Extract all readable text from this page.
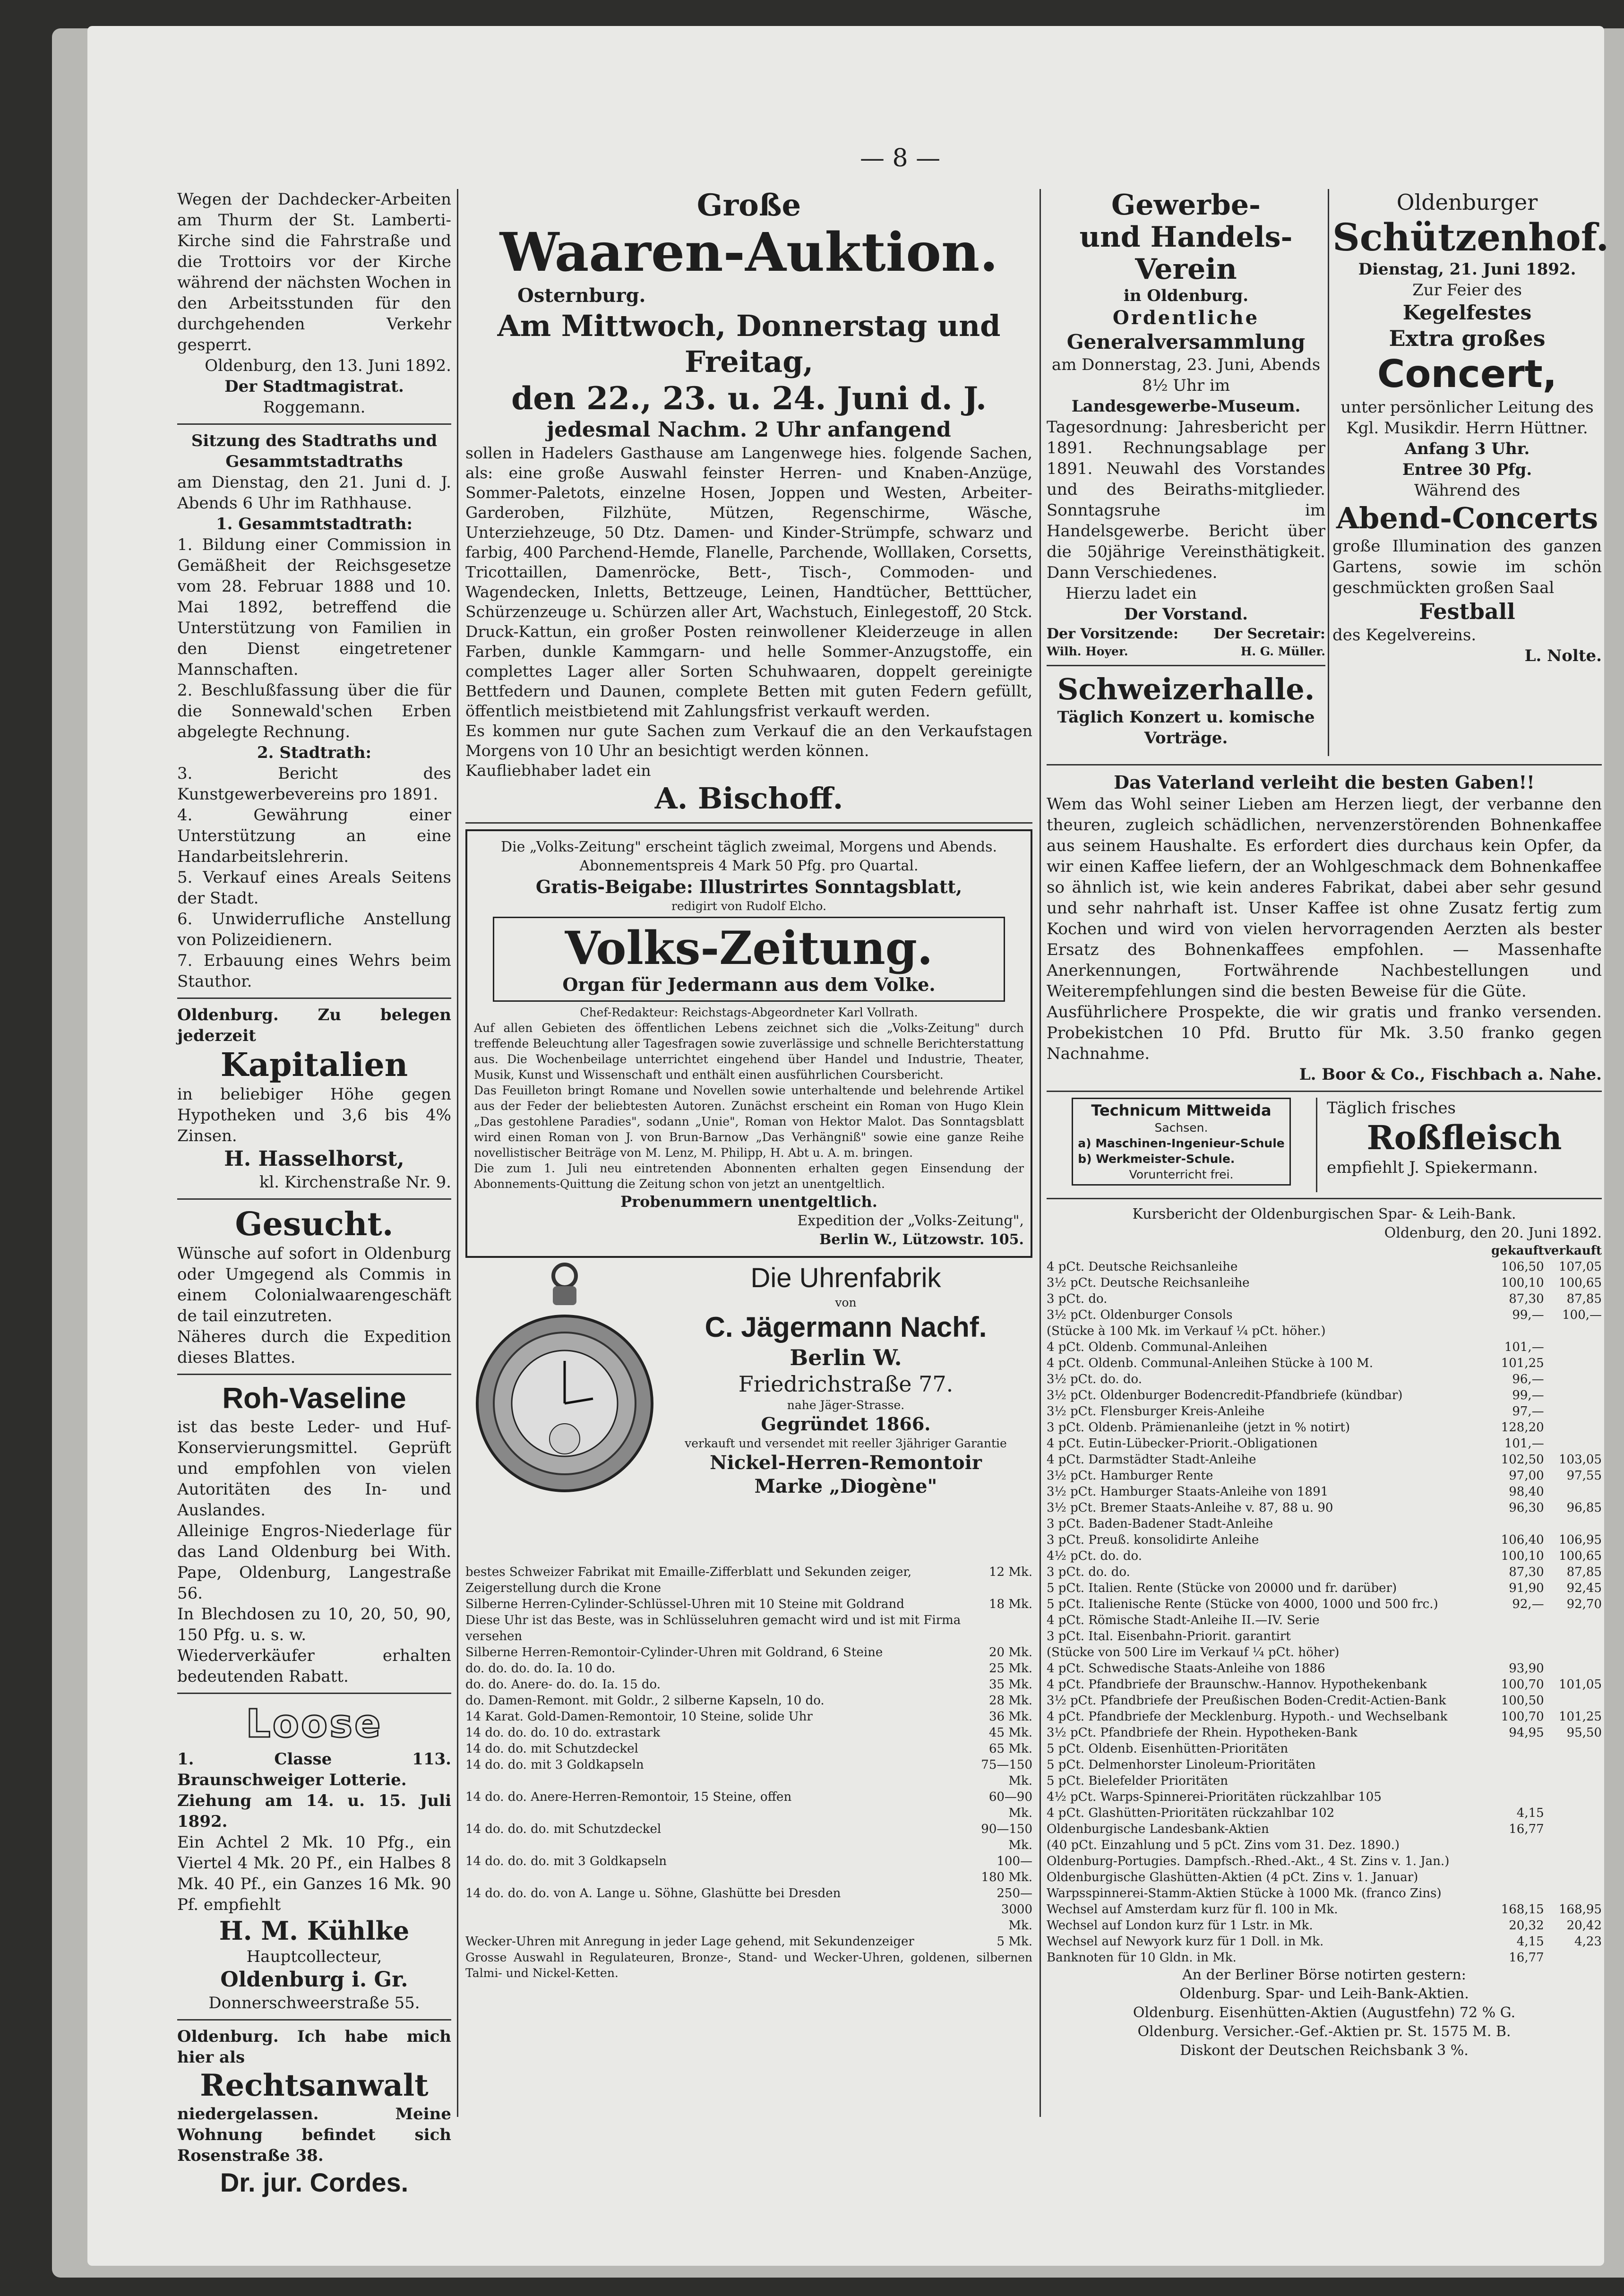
— 8 —

Wegen der Dachdecker-Arbeiten am Thurm der St. Lamberti-Kirche sind die Fahrstraße und die Trottoirs vor der Kirche während der nächsten Wochen in den Arbeitsstunden für den durchgehenden Verkehr gesperrt.

Oldenburg, den 13. Juni 1892.

Der Stadtmagistrat.

Roggemann.

Sitzung des Stadtraths und Gesammtstadtraths

am Dienstag, den 21. Juni d. J. Abends 6 Uhr im Rathhause.

1. Gesammtstadtrath:

1. Bildung einer Commission in Gemäßheit der Reichsgesetze vom 28. Februar 1888 und 10. Mai 1892, betreffend die Unterstützung von Familien in den Dienst eingetretener Mannschaften.

2. Beschlußfassung über die für die Sonnewald'schen Erben abgelegte Rechnung.

2. Stadtrath:

3. Bericht des Kunstgewerbevereins pro 1891.

4. Gewährung einer Unterstützung an eine Handarbeitslehrerin.

5. Verkauf eines Areals Seitens der Stadt.

6. Unwiderrufliche Anstellung von Polizeidienern.

7. Erbauung eines Wehrs beim Stauthor.

Oldenburg. Zu belegen jederzeit

Kapitalien

in beliebiger Höhe gegen Hypotheken und 3,6 bis 4% Zinsen.

H. Hasselhorst,

kl. Kirchenstraße Nr. 9.

Gesucht.

Wünsche auf sofort in Oldenburg oder Umgegend als Commis in einem Colonialwaarengeschäft de tail einzutreten.

Näheres durch die Expedition dieses Blattes.

Roh-Vaseline

ist das beste Leder- und Huf-Konservierungsmittel. Geprüft und empfohlen von vielen Autoritäten des In- und Auslandes.

Alleinige Engros-Niederlage für das Land Oldenburg bei With. Pape, Oldenburg, Langestraße 56.

In Blechdosen zu 10, 20, 50, 90, 150 Pfg. u. s. w.

Wiederverkäufer erhalten bedeutenden Rabatt.

Loose

1. Classe 113. Braunschweiger Lotterie.

Ziehung am 14. u. 15. Juli 1892.

Ein Achtel 2 Mk. 10 Pfg., ein Viertel 4 Mk. 20 Pf., ein Halbes 8 Mk. 40 Pf., ein Ganzes 16 Mk. 90 Pf. empfiehlt

H. M. Kühlke

Hauptcollecteur,

Oldenburg i. Gr.

Donnerschweerstraße 55.

Oldenburg. Ich habe mich hier als

Rechtsanwalt

niedergelassen. Meine Wohnung befindet sich Rosenstraße 38.

Dr. jur. Cordes.

Große

Waaren-Auktion.

Osternburg.

Am Mittwoch, Donnerstag und Freitag,

den 22., 23. u. 24. Juni d. J.

jedesmal Nachm. 2 Uhr anfangend

sollen in Hadelers Gasthause am Langenwege hies. folgende Sachen, als: eine große Auswahl feinster Herren- und Knaben-Anzüge, Sommer-Paletots, einzelne Hosen, Joppen und Westen, Arbeiter-Garderoben, Filzhüte, Mützen, Regenschirme, Wäsche, Unterziehzeuge, 50 Dtz. Damen- und Kinder-Strümpfe, schwarz und farbig, 400 Parchend-Hemde, Flanelle, Parchende, Wolllaken, Corsetts, Tricottaillen, Damenröcke, Bett-, Tisch-, Commoden- und Wagendecken, Inletts, Bettzeuge, Leinen, Handtücher, Betttücher, Schürzenzeuge u. Schürzen aller Art, Wachstuch, Einlegestoff, 20 Stck. Druck-Kattun, ein großer Posten reinwollener Kleiderzeuge in allen Farben, dunkle Kammgarn- und helle Sommer-Anzugstoffe, ein complettes Lager aller Sorten Schuhwaaren, doppelt gereinigte Bettfedern und Daunen, complete Betten mit guten Federn gefüllt, öffentlich meistbietend mit Zahlungsfrist verkauft werden.

Es kommen nur gute Sachen zum Verkauf die an den Verkaufstagen Morgens von 10 Uhr an besichtigt werden können.

Kaufliebhaber ladet ein

A. Bischoff.

Die „Volks-Zeitung" erscheint täglich zweimal, Morgens und Abends.

Abonnementspreis 4 Mark 50 Pfg. pro Quartal.

Gratis-Beigabe: Illustrirtes Sonntagsblatt,

redigirt von Rudolf Elcho.

Volks-Zeitung.

Organ für Jedermann aus dem Volke.

Chef-Redakteur: Reichstags-Abgeordneter Karl Vollrath.

Auf allen Gebieten des öffentlichen Lebens zeichnet sich die „Volks-Zeitung" durch treffende Beleuchtung aller Tagesfragen sowie zuverlässige und schnelle Berichterstattung aus. Die Wochenbeilage unterrichtet eingehend über Handel und Industrie, Theater, Musik, Kunst und Wissenschaft und enthält einen ausführlichen Coursbericht.

Das Feuilleton bringt Romane und Novellen sowie unterhaltende und belehrende Artikel aus der Feder der beliebtesten Autoren. Zunächst erscheint ein Roman von Hugo Klein „Das gestohlene Paradies", sodann „Unie", Roman von Hektor Malot. Das Sonntagsblatt wird einen Roman von J. von Brun-Barnow „Das Verhängniß" sowie eine ganze Reihe novellistischer Beiträge von M. Lenz, M. Philipp, H. Abt u. A. m. bringen.

Die zum 1. Juli neu eintretenden Abonnenten erhalten gegen Einsendung der Abonnements-Quittung die Zeitung schon von jetzt an unentgeltlich.

Probenummern unentgeltlich.

Expedition der „Volks-Zeitung",

Berlin W., Lützowstr. 105.

Die Uhrenfabrik

von

C. Jägermann Nachf.

Berlin W.

Friedrichstraße 77.

nahe Jäger-Strasse.

Gegründet 1866.

verkauft und versendet mit reeller 3jähriger Garantie

Nickel-Herren-Remontoir

Marke „Diogène"

bestes Schweizer Fabrikat mit Emaille-Zifferblatt und Sekunden zeiger, Zeigerstellung durch die Krone	12 Mk.
Silberne Herren-Cylinder-Schlüssel-Uhren mit 10 Steine mit Goldrand	18 Mk.
Diese Uhr ist das Beste, was in Schlüsseluhren gemacht wird und ist mit Firma versehen	
Silberne Herren-Remontoir-Cylinder-Uhren mit Goldrand, 6 Steine	20 Mk.
do. do. do. do. Ia. 10 do.	25 Mk.
do. do. Anere- do. do. Ia. 15 do.	35 Mk.
do. Damen-Remont. mit Goldr., 2 silberne Kapseln, 10 do.	28 Mk.
14 Karat. Gold-Damen-Remontoir, 10 Steine, solide Uhr	36 Mk.
14 do. do. do. 10 do. extrastark	45 Mk.
14 do. do. mit Schutzdeckel	65 Mk.
14 do. do. mit 3 Goldkapseln	75—150 Mk.
14 do. do. Anere-Herren-Remontoir, 15 Steine, offen	60—90 Mk.
14 do. do. do. mit Schutzdeckel	90—150 Mk.
14 do. do. do. mit 3 Goldkapseln	100—180 Mk.
14 do. do. do. von A. Lange u. Söhne, Glashütte bei Dresden	250—3000 Mk.
Wecker-Uhren mit Anregung in jeder Lage gehend, mit Sekundenzeiger	5 Mk.

Grosse Auswahl in Regulateuren, Bronze-, Stand- und Wecker-Uhren, goldenen, silbernen Talmi- und Nickel-Ketten.

Gewerbe-

und Handels-Verein

in Oldenburg.

Ordentliche

Generalversammlung

am Donnerstag, 23. Juni, Abends 8½ Uhr im

Landesgewerbe-Museum.

Tagesordnung: Jahresbericht per 1891. Rechnungsablage per 1891. Neuwahl des Vorstandes und des Beiraths-mitglieder. Sonntagsruhe im Handelsgewerbe. Bericht über die 50jährige Vereinsthätigkeit. Dann Verschiedenes.

Hierzu ladet ein

Der Vorstand.

Der Vorsitzende: Der Secretair:
Wilh. Hoyer.	H. G. Müller.

Schweizerhalle.

Täglich Konzert u. komische Vorträge.

Oldenburger

Schützenhof.

Dienstag, 21. Juni 1892.

Zur Feier des

Kegelfestes

Extra großes

Concert,

unter persönlicher Leitung des Kgl. Musikdir. Herrn Hüttner.

Anfang 3 Uhr.

Entree 30 Pfg.

Während des

Abend-Concerts

große Illumination des ganzen Gartens, sowie im schön geschmückten großen Saal

Festball

des Kegelvereins.

L. Nolte.

Das Vaterland verleiht die besten Gaben!!

Wem das Wohl seiner Lieben am Herzen liegt, der verbanne den theuren, zugleich schädlichen, nervenzerstörenden Bohnenkaffee aus seinem Haushalte. Es erfordert dies durchaus kein Opfer, da wir einen Kaffee liefern, der an Wohlgeschmack dem Bohnenkaffee so ähnlich ist, wie kein anderes Fabrikat, dabei aber sehr gesund und sehr nahrhaft ist. Unser Kaffee ist ohne Zusatz fertig zum Kochen und wird von vielen hervorragenden Aerzten als bester Ersatz des Bohnenkaffees empfohlen. — Massenhafte Anerkennungen, Fortwährende Nachbestellungen und Weiterempfehlungen sind die besten Beweise für die Güte.

Ausführlichere Prospekte, die wir gratis und franko versenden. Probekistchen 10 Pfd. Brutto für Mk. 3.50 franko gegen Nachnahme.

L. Boor & Co., Fischbach a. Nahe.

Technicum Mittweida

Sachsen.

a) Maschinen-Ingenieur-Schule

b) Werkmeister-Schule.

Vorunterricht frei.

Täglich frisches

Roßfleisch

empfiehlt J. Spiekermann.

Kursbericht der Oldenburgischen Spar- & Leih-Bank.

Oldenburg, den 20. Juni 1892.

	gekauft	verkauft
4 pCt. Deutsche Reichsanleihe	106,50	107,05
3½ pCt. Deutsche Reichsanleihe	100,10	100,65
3 pCt. do.	87,30	87,85
3½ pCt. Oldenburger Consols	99,—	100,—
(Stücke à 100 Mk. im Verkauf ¼ pCt. höher.)		
4 pCt. Oldenb. Communal-Anleihen	101,—	
4 pCt. Oldenb. Communal-Anleihen Stücke à 100 M.	101,25	
3½ pCt. do. do.	96,—	
3½ pCt. Oldenburger Bodencredit-Pfandbriefe (kündbar)	99,—	
3½ pCt. Flensburger Kreis-Anleihe	97,—	
3 pCt. Oldenb. Prämienanleihe (jetzt in % notirt)	128,20	
4 pCt. Eutin-Lübecker-Priorit.-Obligationen	101,—	
4 pCt. Darmstädter Stadt-Anleihe	102,50	103,05
3½ pCt. Hamburger Rente	97,00	97,55
3½ pCt. Hamburger Staats-Anleihe von 1891	98,40	
3½ pCt. Bremer Staats-Anleihe v. 87, 88 u. 90	96,30	96,85
3 pCt. Baden-Badener Stadt-Anleihe		
3 pCt. Preuß. konsolidirte Anleihe	106,40	106,95
4½ pCt. do. do.	100,10	100,65
3 pCt. do. do.	87,30	87,85
5 pCt. Italien. Rente (Stücke von 20000 und fr. darüber)	91,90	92,45
5 pCt. Italienische Rente (Stücke von 4000, 1000 und 500 frc.)	92,—	92,70
4 pCt. Römische Stadt-Anleihe II.—IV. Serie		
3 pCt. Ital. Eisenbahn-Priorit. garantirt		
(Stücke von 500 Lire im Verkauf ¼ pCt. höher)		
4 pCt. Schwedische Staats-Anleihe von 1886	93,90	
4 pCt. Pfandbriefe der Braunschw.-Hannov. Hypothekenbank	100,70	101,05
3½ pCt. Pfandbriefe der Preußischen Boden-Credit-Actien-Bank	100,50	
4 pCt. Pfandbriefe der Mecklenburg. Hypoth.- und Wechselbank	100,70	101,25
3½ pCt. Pfandbriefe der Rhein. Hypotheken-Bank	94,95	95,50
5 pCt. Oldenb. Eisenhütten-Prioritäten		
5 pCt. Delmenhorster Linoleum-Prioritäten		
5 pCt. Bielefelder Prioritäten		
4½ pCt. Warps-Spinnerei-Prioritäten rückzahlbar 105		
4 pCt. Glashütten-Prioritäten rückzahlbar 102	4,15	
Oldenburgische Landesbank-Aktien	16,77	
(40 pCt. Einzahlung und 5 pCt. Zins vom 31. Dez. 1890.)		
Oldenburg-Portugies. Dampfsch.-Rhed.-Akt., 4 St. Zins v. 1. Jan.)		
Oldenburgische Glashütten-Aktien (4 pCt. Zins v. 1. Januar)		
Warpsspinnerei-Stamm-Aktien Stücke à 1000 Mk. (franco Zins)		
Wechsel auf Amsterdam kurz für fl. 100 in Mk.	168,15	168,95
Wechsel auf London kurz für 1 Lstr. in Mk.	20,32	20,42
Wechsel auf Newyork kurz für 1 Doll. in Mk.	4,15	4,23
Banknoten für 10 Gldn. in Mk.	16,77	

An der Berliner Börse notirten gestern:

Oldenburg. Spar- und Leih-Bank-Aktien.

Oldenburg. Eisenhütten-Aktien (Augustfehn) 72 % G.

Oldenburg. Versicher.-Gef.-Aktien pr. St. 1575 M. B.

Diskont der Deutschen Reichsbank 3 %.
